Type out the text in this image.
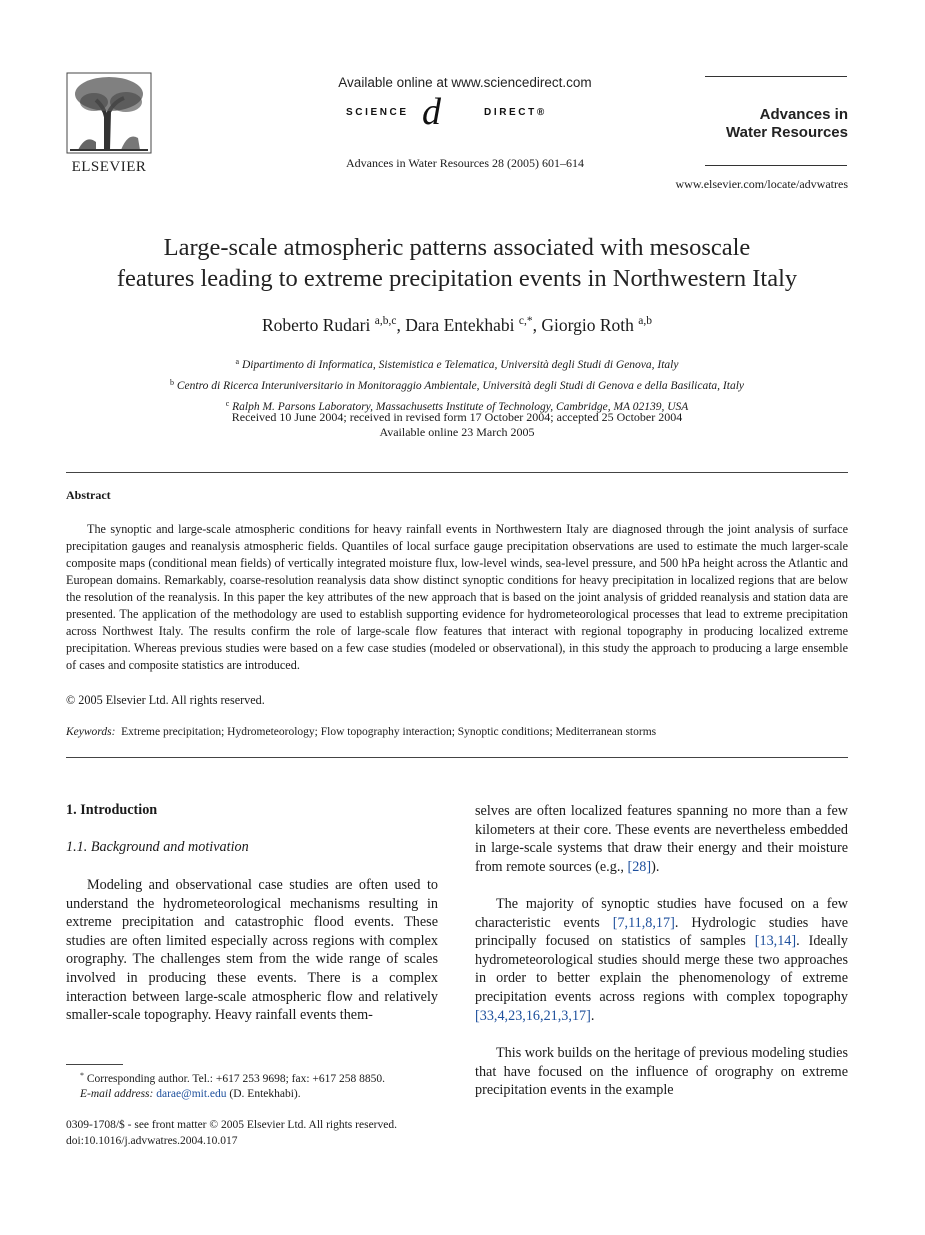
ELSEVIER
Available online at www.sciencedirect.com
SCIENCE d	DIRECT®
Advances in Water Resources 28 (2005) 601–614
Advances in
Water Resources
www.elsevier.com/locate/advwatres
Large-scale atmospheric patterns associated with mesoscale
features leading to extreme precipitation events in Northwestern Italy
Roberto Rudari $^{a,b,c}$, Dara Entekhabi $^{c,*}$, Giorgio Roth $^{a,b}$
$^a$ Dipartimento di Informatica, Sistemistica e Telematica, Università degli Studi di Genova, Italy
$^b$ Centro di Ricerca Interuniversitario in Monitoraggio Ambientale, Università degli Studi di Genova e della Basilicata, Italy
$^c$ Ralph M. Parsons Laboratory, Massachusetts Institute of Technology, Cambridge, MA 02139, USA
Received 10 June 2004; received in revised form 17 October 2004; accepted 25 October 2004
Available online 23 March 2005
Abstract
The synoptic and large-scale atmospheric conditions for heavy rainfall events in Northwestern Italy are diagnosed through the joint analysis of surface precipitation gauges and reanalysis atmospheric fields. Quantiles of local surface gauge precipitation observations are used to estimate the much larger-scale composite maps (conditional mean fields) of vertically integrated moisture flux, low-level winds, sea-level pressure, and 500 hPa height across the Atlantic and European domains. Remarkably, coarse-resolution reanalysis data show distinct synoptic conditions for heavy precipitation in localized regions that are below the resolution of the reanalysis. In this paper the key attributes of the new approach that is based on the joint analysis of gridded reanalysis and station data are presented. The application of the methodology are used to establish supporting evidence for hydrometeorological processes that lead to extreme precipitation across Northwest Italy. The results confirm the role of large-scale flow features that interact with regional topography in producing localized extreme precipitation. Whereas previous studies were based on a few case studies (modeled or observational), in this study the approach to producing a large ensemble of cases and composite statistics are introduced.
© 2005 Elsevier Ltd. All rights reserved.
Keywords: Extreme precipitation; Hydrometeorology; Flow topography interaction; Synoptic conditions; Mediterranean storms
1. Introduction
1.1. Background and motivation
Modeling and observational case studies are often used to understand the hydrometeorological mechanisms resulting in extreme precipitation and catastrophic flood events. These studies are often limited especially across regions with complex orography. The challenges stem from the wide range of scales involved in producing these events. There is a complex interaction between large-scale atmospheric flow and relatively smaller-scale topography. Heavy rainfall events them-
selves are often localized features spanning no more than a few kilometers at their core. These events are nevertheless embedded in large-scale systems that draw their energy and their moisture from remote sources (e.g., [28]).
The majority of synoptic studies have focused on a few characteristic events [7,11,8,17]. Hydrologic studies have principally focused on statistics of samples [13,14]. Ideally hydrometeorological studies should merge these two approaches in order to better explain the phenomenology of extreme precipitation events across regions with complex topography [33,4,23,16,21,3,17].
This work builds on the heritage of previous modeling studies that have focused on the influence of orography on extreme precipitation events in the example
* Corresponding author. Tel.: +617 253 9698; fax: +617 258 8850.
E-mail address: darae@mit.edu (D. Entekhabi).
0309-1708/$ - see front matter © 2005 Elsevier Ltd. All rights reserved.
doi:10.1016/j.advwatres.2004.10.017
